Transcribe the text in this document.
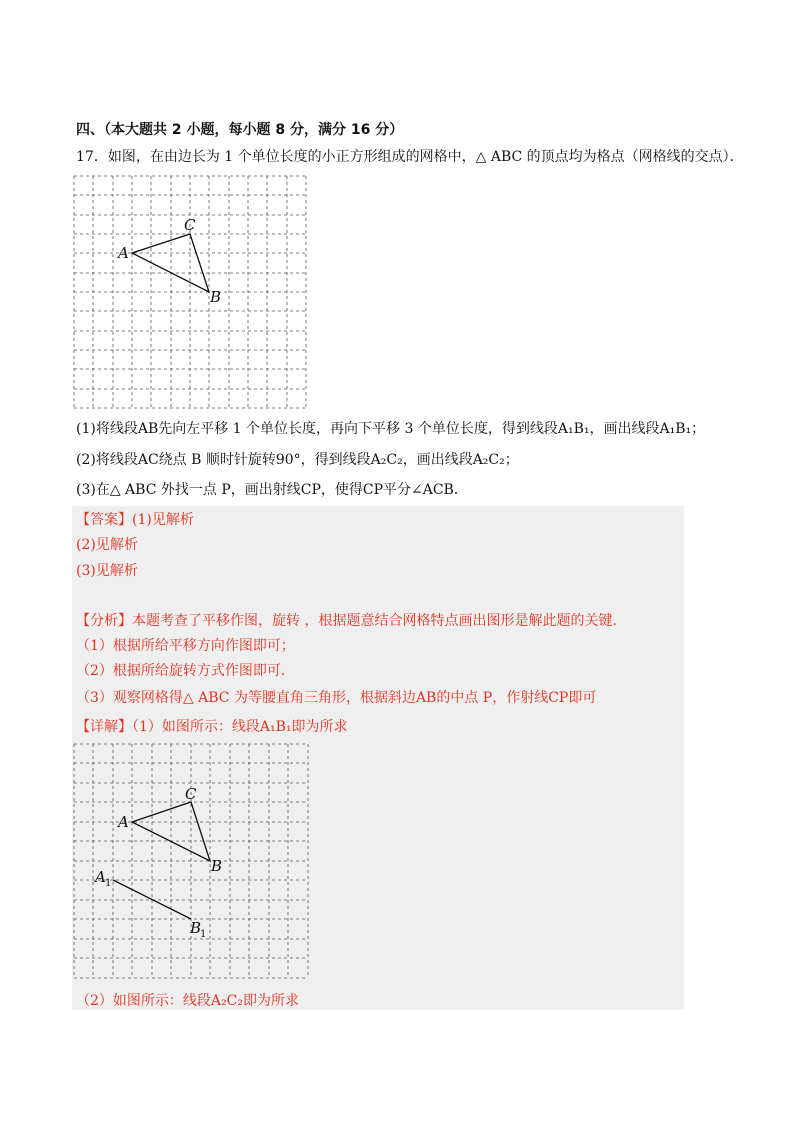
四、（本大题共 2 小题，每小题 8 分，满分 16 分）
17．如图，在由边长为 1 个单位长度的小正方形组成的网格中，△ ABC 的顶点均为格点（网格线的交点）．
A
C
B
(1)将线段AB先向左平移 1 个单位长度，再向下平移 3 个单位长度，得到线段A₁B₁，画出线段A₁B₁；
(2)将线段AC绕点 B 顺时针旋转90°，得到线段A₂C₂，画出线段A₂C₂；
(3)在△ ABC 外找一点 P，画出射线CP，使得CP平分∠ACB．
【答案】(1)见解析
(2)见解析
(3)见解析
【分析】本题考查了平移作图，旋转 ，根据题意结合网格特点画出图形是解此题的关键．
（1）根据所给平移方向作图即可；
（2）根据所给旋转方式作图即可．
（3）观察网格得△ ABC 为等腰直角三角形，根据斜边AB的中点 P，作射线CP即可
【详解】（1）如图所示：线段A₁B₁即为所求
A
C
B
A 1
B
1
（2）如图所示：线段A₂C₂即为所求
